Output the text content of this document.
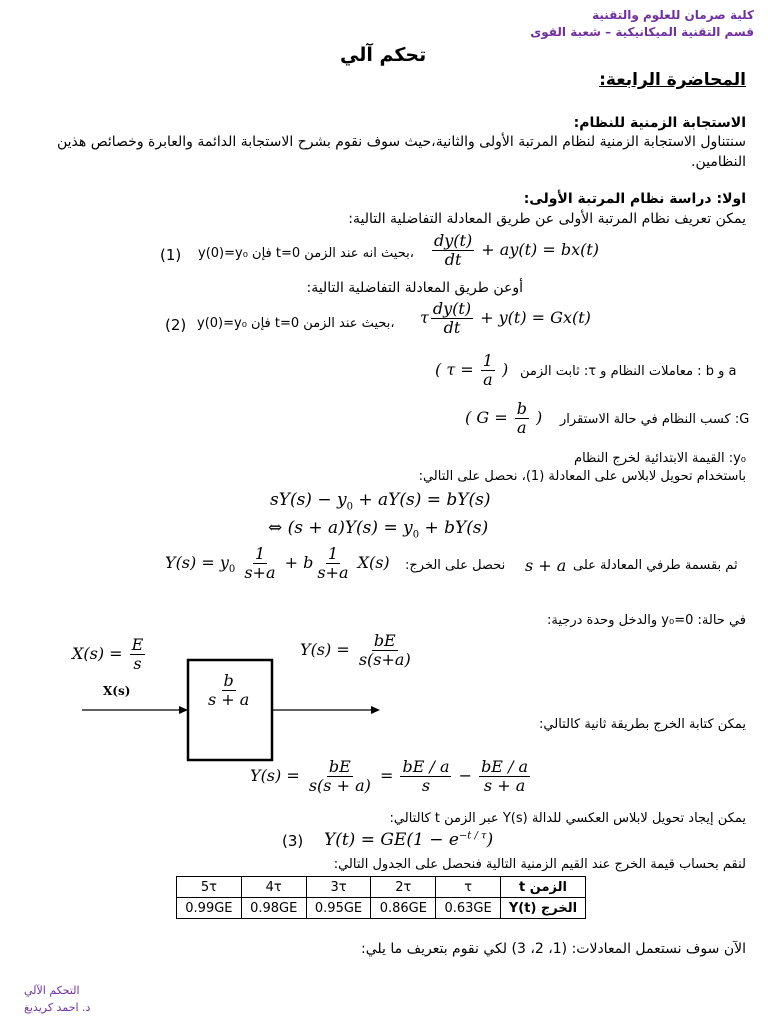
كلية صرمان للعلوم والتقنية
قسم التقنية الميكانيكية – شعبة القوى
تحكم آلي
المحاضرة الرابعة:
الاستجابة الزمنية للنظام:
سنتناول الاستجابة الزمنية لنظام المرتبة الأولى والثانية،حيث سوف نقوم بشرح الاستجابة الدائمة والعابرة وخصائص هذين النظامين.
اولا: دراسة نظام المرتبة الأولى:
يمكن تعريف نظام المرتبة الأولى عن طريق المعادلة التفاضلية التالية:
(1) ،بحيث انه عند الزمن t=0 فإن $y(0)=y_0 \frac{dy(t)}{dt} + ay(t) = bx(t)$
أوعن طريق المعادلة التفاضلية التالية:
(2) ،بحيث عند الزمن t=0 فإن y(0)=y₀ τ $\frac{dy(t)}{dt} + y(t) = Gx(t)$
( $\tau = \frac{1}{a}$ ) a و b : معاملات النظام و τ: ثابت الزمن
( $G = \frac{b}{a}$ ) G: كسب النظام في حالة الاستقرار
y₀: القيمة الابتدائية لخرج النظام
باستخدام تحويل لابلاس على المعادلة (1)، نحصل على التالي:
$sY(s) - y_0 + aY(s) = bY(s)$
⇔ $(s + a)Y(s) = y_0 + bY(s)$
$Y(s) = y_0 \frac{1}{s+a} + b \frac{1}{s+a} X(s)$ نحصل على الخرج: s + a ثم بقسمة طرفي المعادلة على
في حالة: y₀=0 والدخل وحدة درجية:
$X(s) = \frac{E}{s}$
X(s)
$Y(s) = \frac{bE}{s(s+a)}$
$\frac{b}{s + a}$
يمكن كتابة الخرج بطريقة ثانية كالتالي:
$Y(s) = \frac{bE}{s(s + a)} = \frac{bE / a}{s} - \frac{bE / a}{s + a}$
يمكن إيجاد تحويل لابلاس العكسي للدالة Y(s) عبر الزمن t كالتالي:
(3) $Y(t) = GE(1 - e^{-t / \tau})$
لنقم بحساب قيمة الخرج عند القيم الزمنية التالية فنحصل على الجدول التالي:
الزمن t	τ	2τ	3τ	4τ	5τ
الخرج Y(t)	0.63GE	0.86GE	0.95GE	0.98GE	0.99GE
الآن سوف نستعمل المعادلات: (1، 2، 3) لكي نقوم بتعريف ما يلي:
التحكم الآلي
د. احمد كريديغ
